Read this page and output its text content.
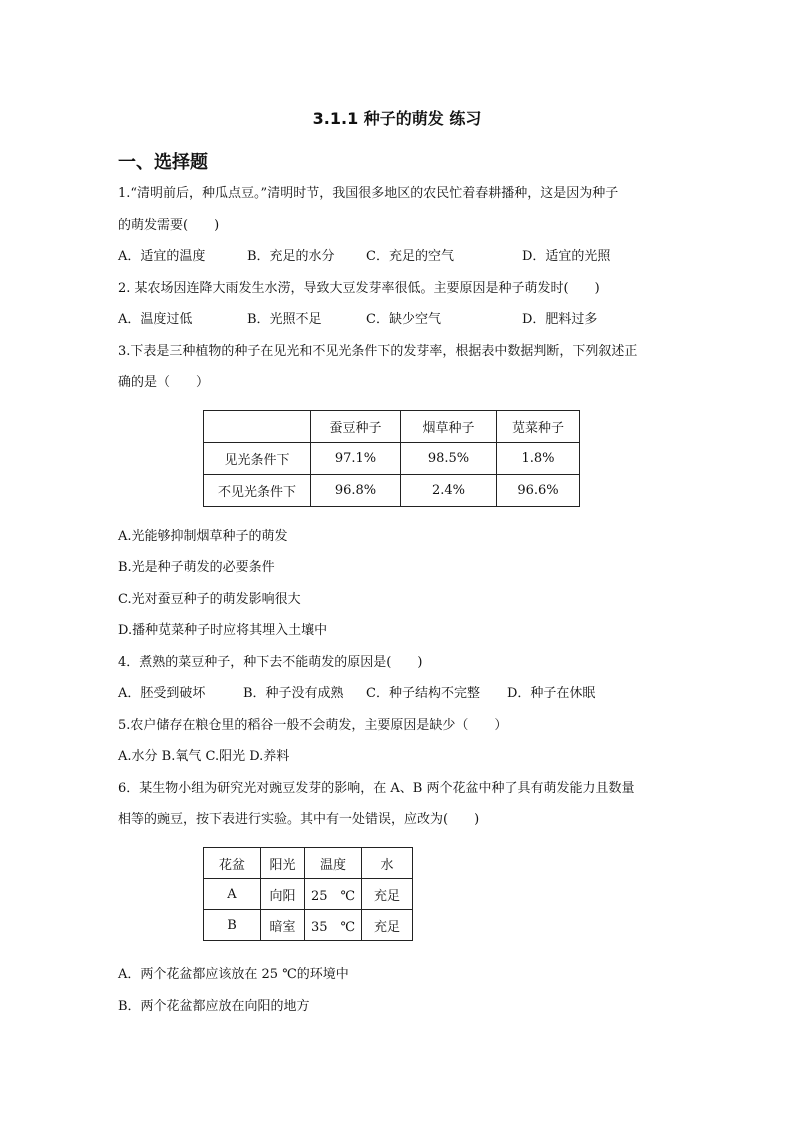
3.1.1 种子的萌发 练习
一、选择题
1.“清明前后，种瓜点豆。”清明时节，我国很多地区的农民忙着春耕播种，这是因为种子
的萌发需要(　　)
A．适宜的温度	B．充足的水分 C．充足的空气	D．适宜的光照
2. 某农场因连降大雨发生水涝，导致大豆发芽率很低。主要原因是种子萌发时(　　)
A．温度过低	B．光照不足	C．缺少空气	D．肥料过多
3.下表是三种植物的种子在见光和不见光条件下的发芽率，根据表中数据判断，下列叙述正
确的是（　　）
	蚕豆种子	烟草种子	苋菜种子
见光条件下	97.1%	98.5%	1.8%
不见光条件下	96.8%	2.4%	96.6%
A.光能够抑制烟草种子的萌发
B.光是种子萌发的必要条件
C.光对蚕豆种子的萌发影响很大
D.播种苋菜种子时应将其埋入土壤中
4．煮熟的菜豆种子，种下去不能萌发的原因是(　　)
A．胚受到破坏	B．种子没有成熟 C．种子结构不完整 D．种子在休眠
5.农户储存在粮仓里的稻谷一般不会萌发，主要原因是缺少（　　）
A.水分 B.氧气 C.阳光 D.养料
6．某生物小组为研究光对豌豆发芽的影响，在 A、B 两个花盆中种了具有萌发能力且数量
相等的豌豆，按下表进行实验。其中有一处错误，应改为(　　)
花盆	阳光	温度	水
A	向阳	25　℃	充足
B	暗室	35　℃	充足
A．两个花盆都应该放在 25 ℃的环境中
B．两个花盆都应放在向阳的地方
